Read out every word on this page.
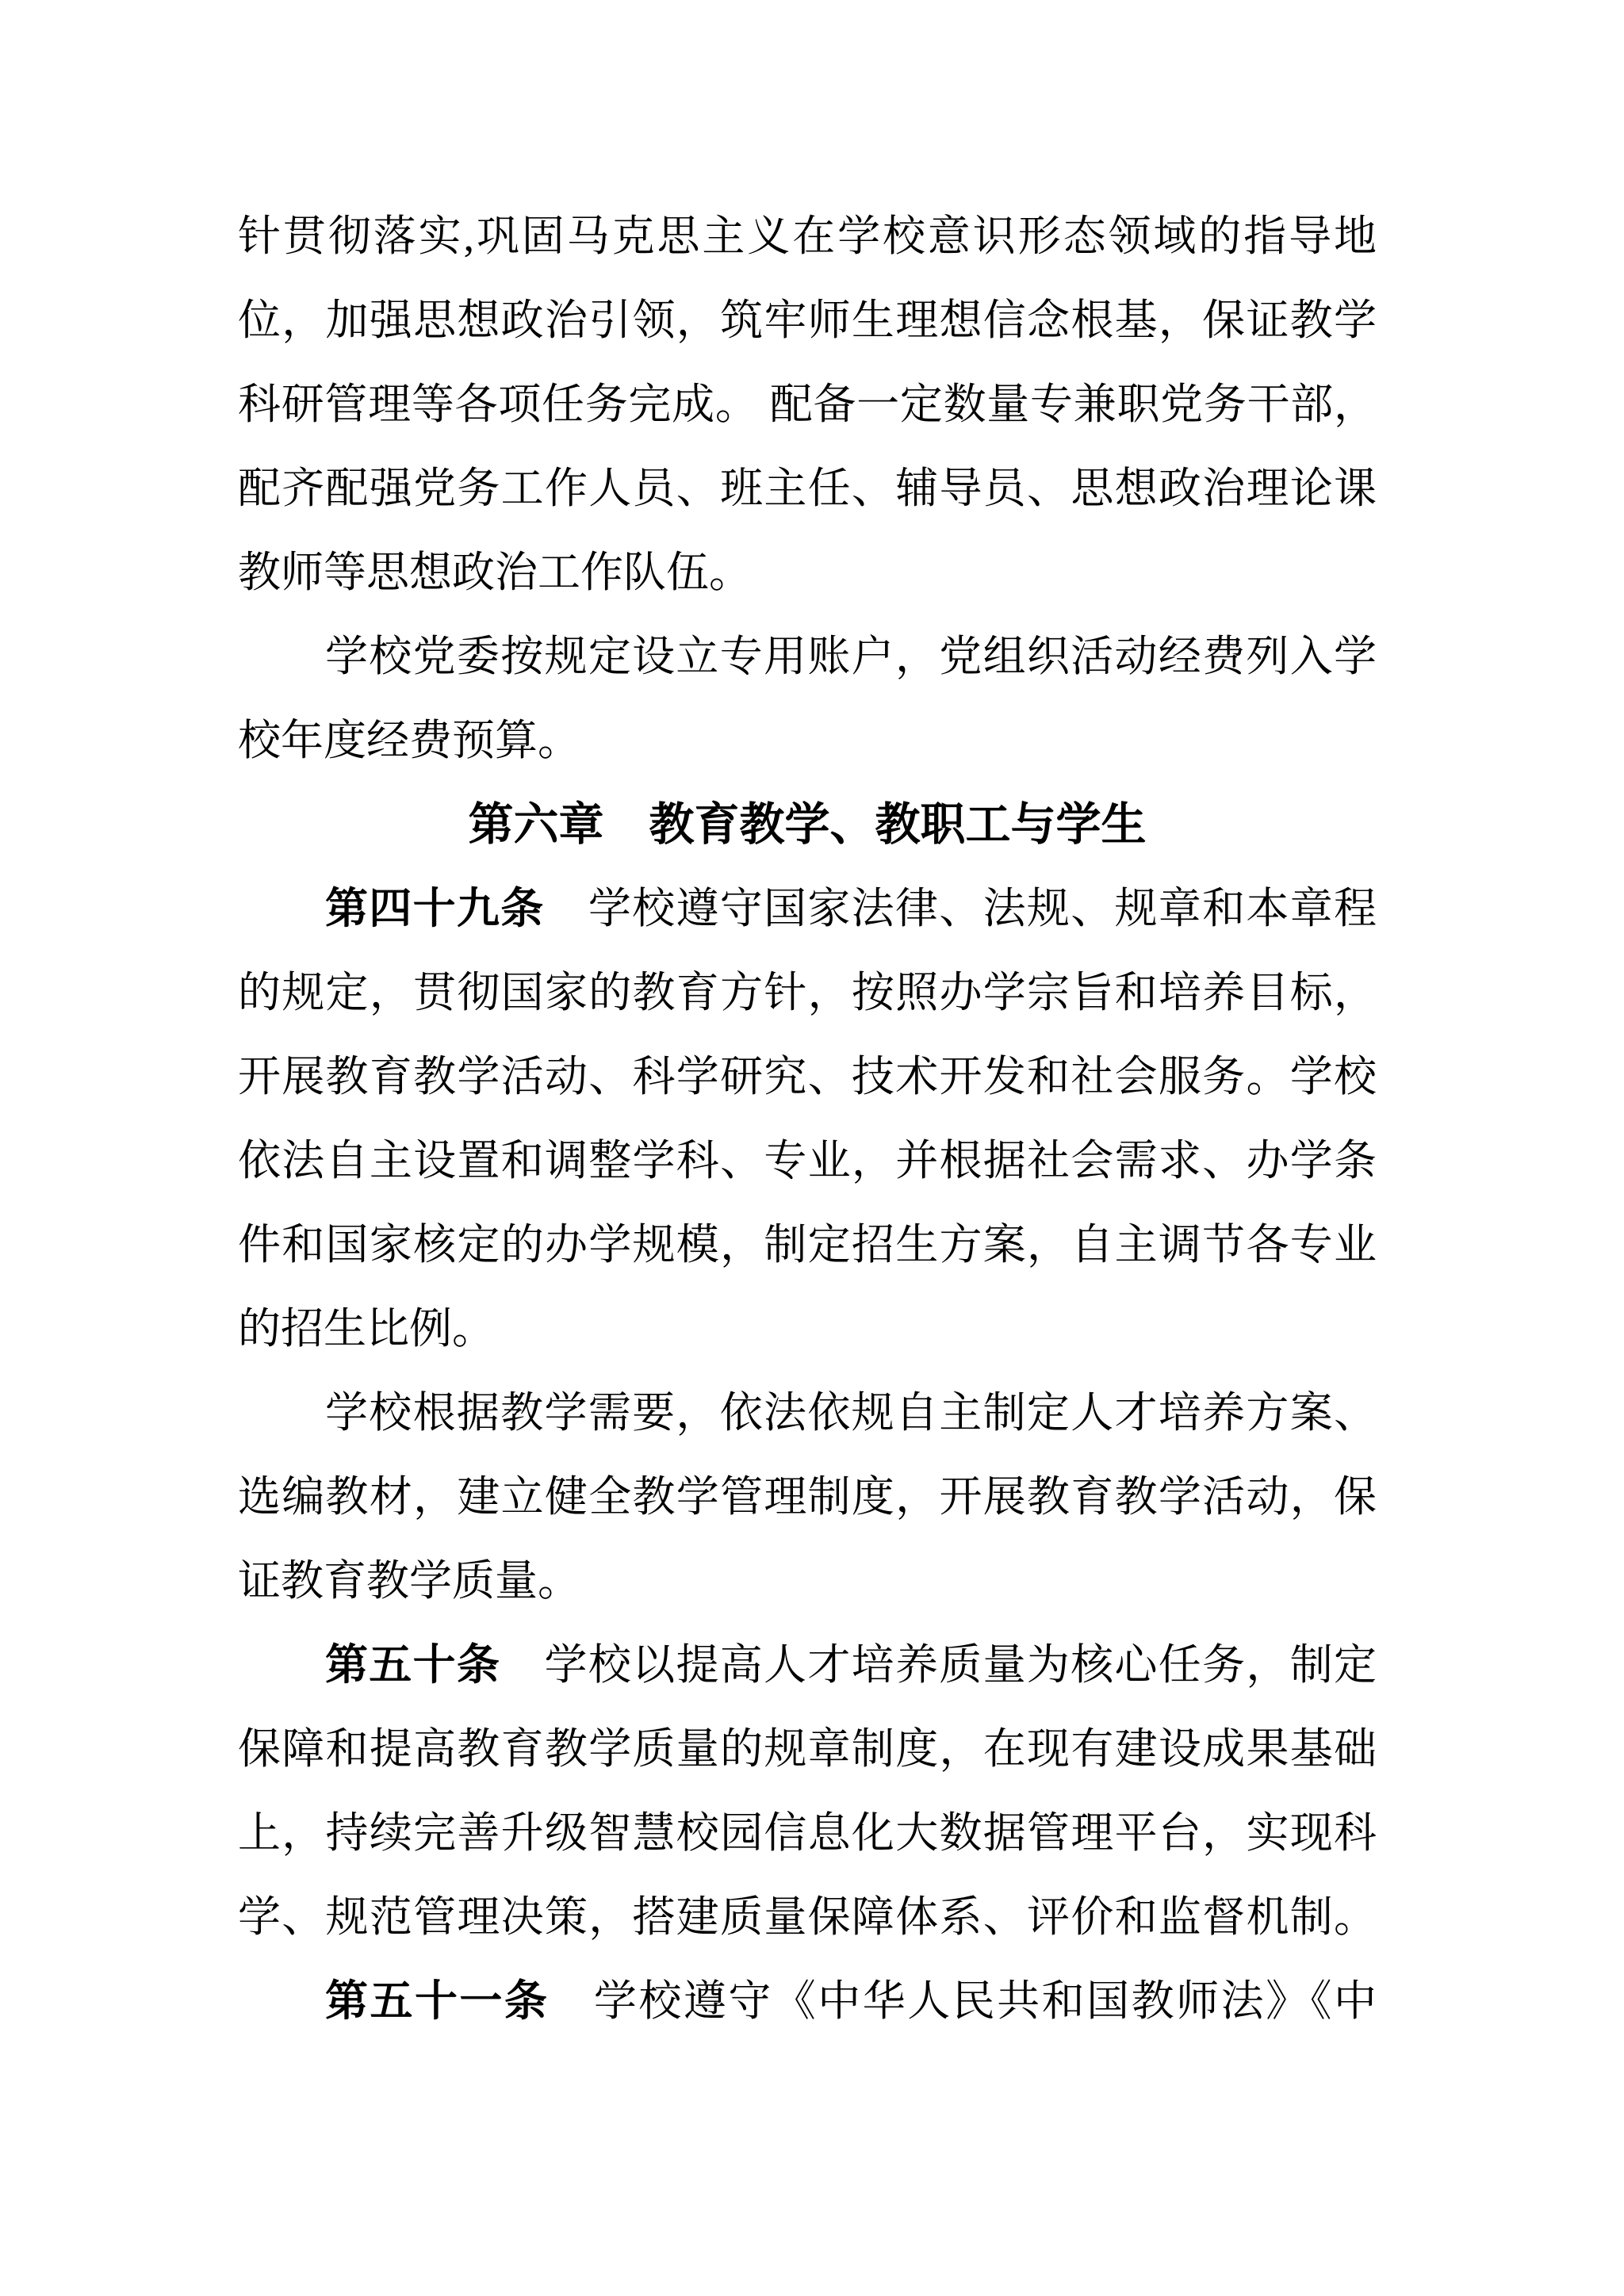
针贯彻落实,巩固马克思主义在学校意识形态领域的指导地
位，加强思想政治引领，筑牢师生理想信念根基，保证教学
科研管理等各项任务完成。 配备一定数量专兼职党务干部，
配齐配强党务工作人员、班主任、辅导员、思想政治理论课
教师等思想政治工作队伍。
学校党委按规定设立专用账户，党组织活动经费列入学
校年度经费预算。
第六章　教育教学、教职工与学生
第四十九条　 学校遵守国家法律、法规、规章和本章程
的规定，贯彻国家的教育方针，按照办学宗旨和培养目标，
开展教育教学活动、科学研究、技术开发和社会服务。学校
依法自主设置和调整学科、专业，并根据社会需求、办学条
件和国家核定的办学规模，制定招生方案，自主调节各专业
的招生比例。
学校根据教学需要，依法依规自主制定人才培养方案、
选编教材，建立健全教学管理制度，开展教育教学活动，保
证教育教学质量。
第五十条　 学校以提高人才培养质量为核心任务，制定
保障和提高教育教学质量的规章制度，在现有建设成果基础
上，持续完善升级智慧校园信息化大数据管理平台，实现科
学、规范管理决策，搭建质量保障体系、评价和监督机制。
第五十一条　 学校遵守《中华人民共和国教师法》《中
